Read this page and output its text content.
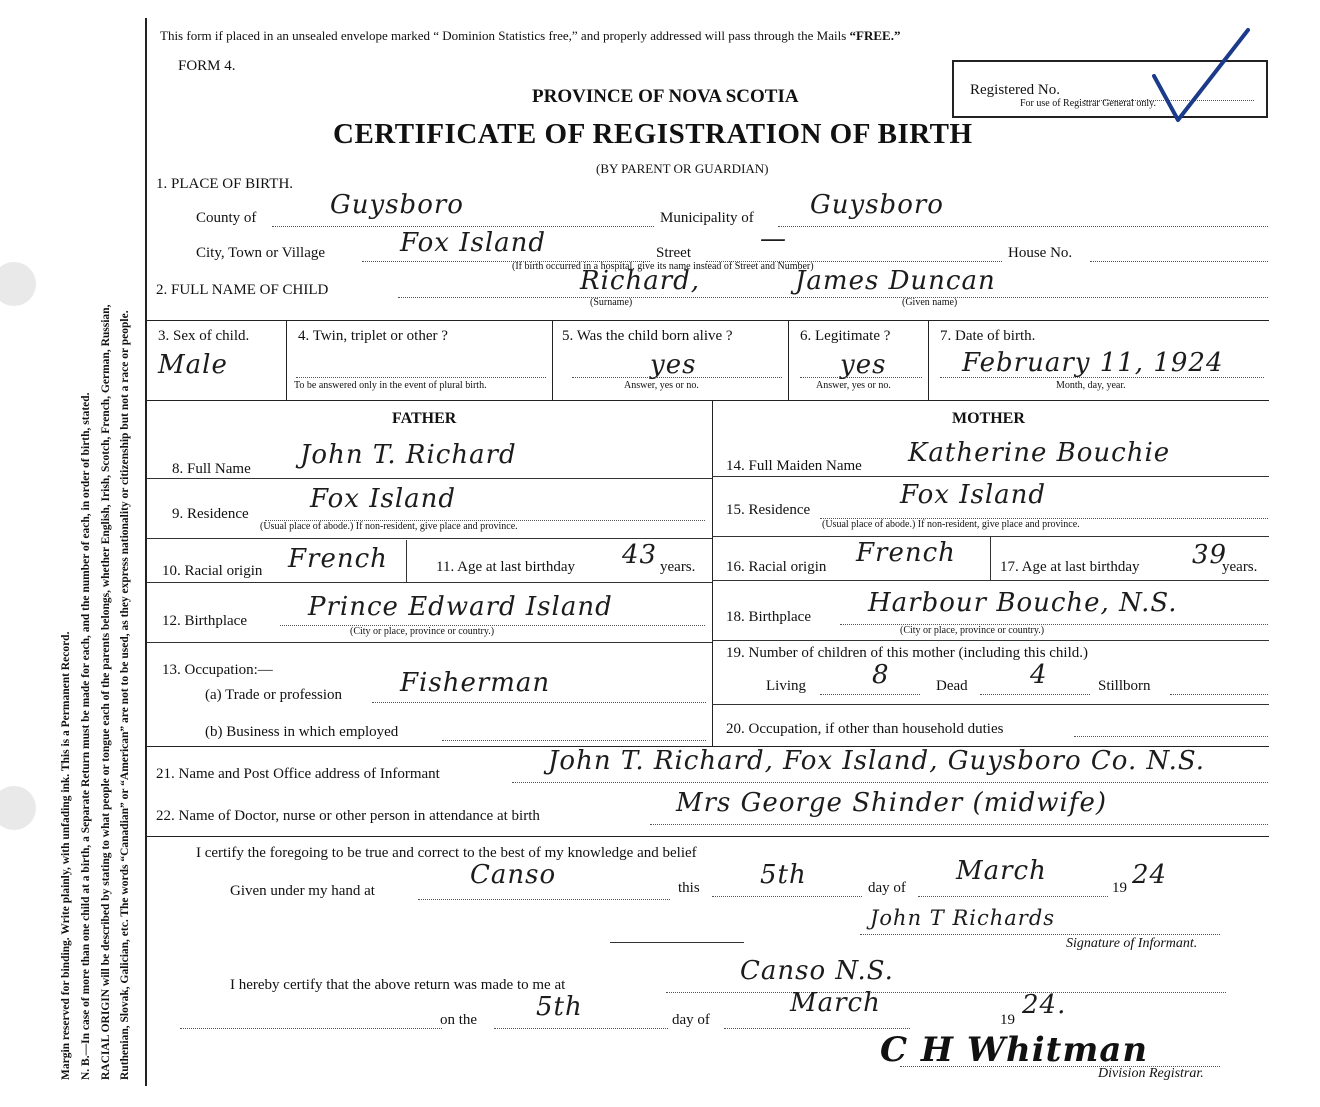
Margin reserved for binding. Write plainly, with unfading ink. This is a Permanent Record. N. B.—In case of more than one child at a birth, a Separate Return must be made for each, and the number of each, in order of birth, stated. RACIAL ORIGIN will be described by stating to what people or tongue each of the parents belongs, whether English, Irish, Scotch, French, German, Russian, Ruthenian, Slovak, Galician, etc. The words “Canadian” or “American” are not to be used, as they express nationality or citizenship but not a race or people.
This form if placed in an unsealed envelope marked “ Dominion Statistics free,” and properly addressed will pass through the Mails “FREE.”
FORM 4.
PROVINCE OF NOVA SCOTIA
CERTIFICATE OF REGISTRATION OF BIRTH
(BY PARENT OR GUARDIAN)
Registered No.
For use of Registrar General only.
1. PLACE OF BIRTH.
County of	Guysboro	Municipality of Guysboro
City, Town or Village	Fox Island	Street	—	House No.
(If birth occurred in a hospital, give its name instead of Street and Number)
2. FULL NAME OF CHILD	Richard,	James Duncan
(Surname)	(Given name)
3. Sex of child.
Male
4. Twin, triplet or other ?
To be answered only in the event of plural birth.
5. Was the child born alive ?
yes
Answer, yes or no.
6. Legitimate ?
yes
Answer, yes or no.
7. Date of birth.
February 11, 1924
Month, day, year.
FATHER	MOTHER
8. Full Name John T. Richard
9. Residence Fox Island
(Usual place of abode.) If non-resident, give place and province.
10. Racial origin French	11. Age at last birthday 43 years.
12. Birthplace Prince Edward Island
(City or place, province or country.)
13. Occupation:—
(a) Trade or profession Fisherman
(b) Business in which employed
14. Full Maiden Name Katherine Bouchie
15. Residence	Fox Island
(Usual place of abode.) If non-resident, give place and province.
16. Racial origin French	17. Age at last birthday 39
years.
18. Birthplace Harbour Bouche, N.S.
(City or place, province or country.)
19. Number of children of this mother (including this child.)
Living	8	Dead 4	Stillborn
20. Occupation, if other than household duties
21. Name and Post Office address of Informant	John T. Richard, Fox Island, Guysboro Co. N.S.
22. Name of Doctor, nurse or other person in attendance at birth	Mrs George Shinder (midwife)
I certify the foregoing to be true and correct to the best of my knowledge and belief
Given under my hand at
Canso	this 5th	day of
March
19 24
John T Richards
Signature of Informant.
I hereby certify that the above return was made to me at	Canso N.S.
on the 5th	day of
March
19 24.
C H Whitman
Division Registrar.
